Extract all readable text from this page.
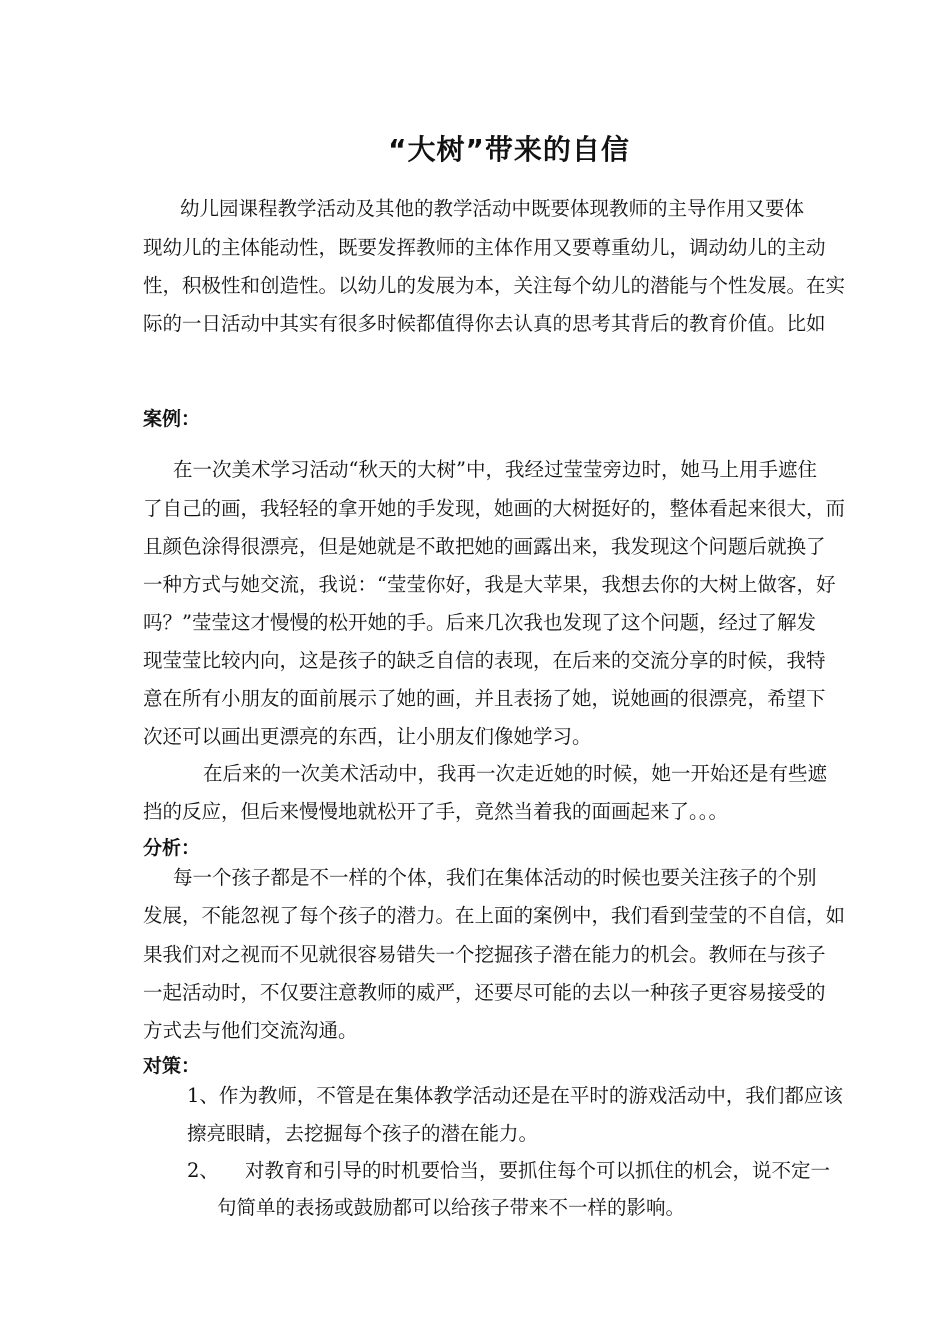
“大树”带来的自信
幼儿园课程教学活动及其他的教学活动中既要体现教师的主导作用又要体
现幼儿的主体能动性，既要发挥教师的主体作用又要尊重幼儿，调动幼儿的主动
性，积极性和创造性。以幼儿的发展为本，关注每个幼儿的潜能与个性发展。在实
际的一日活动中其实有很多时候都值得你去认真的思考其背后的教育价值。比如
案例：
在一次美术学习活动“秋天的大树”中，我经过莹莹旁边时，她马上用手遮住
了自己的画，我轻轻的拿开她的手发现，她画的大树挺好的，整体看起来很大，而
且颜色涂得很漂亮，但是她就是不敢把她的画露出来，我发现这个问题后就换了
一种方式与她交流，我说：“莹莹你好，我是大苹果，我想去你的大树上做客，好
吗？”莹莹这才慢慢的松开她的手。后来几次我也发现了这个问题，经过了解发
现莹莹比较内向，这是孩子的缺乏自信的表现，在后来的交流分享的时候，我特
意在所有小朋友的面前展示了她的画，并且表扬了她，说她画的很漂亮，希望下
次还可以画出更漂亮的东西，让小朋友们像她学习。
在后来的一次美术活动中，我再一次走近她的时候，她一开始还是有些遮
挡的反应，但后来慢慢地就松开了手，竟然当着我的面画起来了。。。
分析：
每一个孩子都是不一样的个体，我们在集体活动的时候也要关注孩子的个别
发展，不能忽视了每个孩子的潜力。在上面的案例中，我们看到莹莹的不自信，如
果我们对之视而不见就很容易错失一个挖掘孩子潜在能力的机会。教师在与孩子
一起活动时，不仅要注意教师的威严，还要尽可能的去以一种孩子更容易接受的
方式去与他们交流沟通。
对策：
1、作为教师，不管是在集体教学活动还是在平时的游戏活动中，我们都应该
擦亮眼睛，去挖掘每个孩子的潜在能力。
2、 对教育和引导的时机要恰当，要抓住每个可以抓住的机会，说不定一
句简单的表扬或鼓励都可以给孩子带来不一样的影响。
